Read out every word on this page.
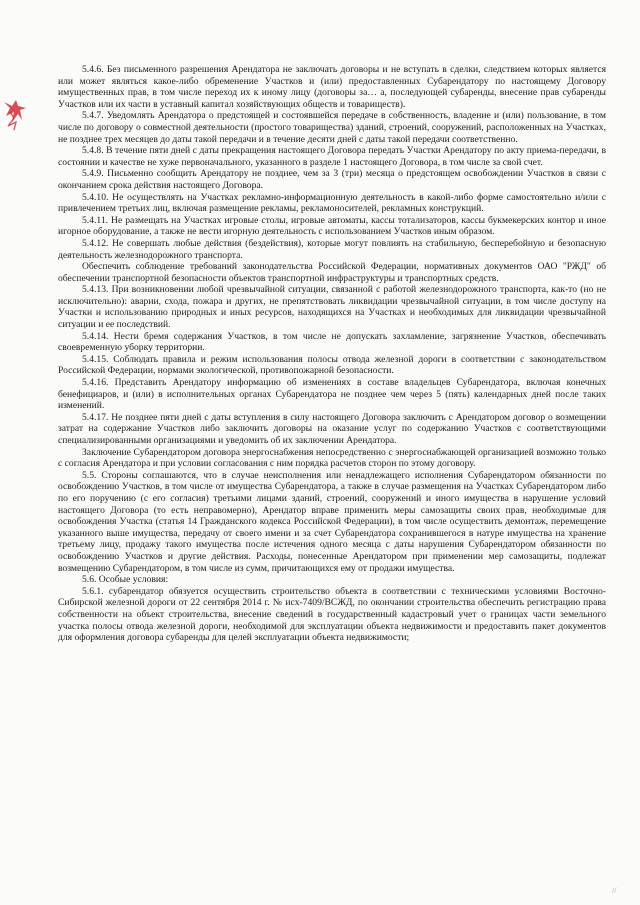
5.4.6. Без письменного разрешения Арендатора не заключать договоры и не вступать в сделки, следствием которых является или может являться какое-либо обременение Участков и (или) предоставленных Субарендатору по настоящему Договору имущественных прав, в том числе переход их к иному лицу (договоры за… а, последующей субаренды, внесение прав субаренды Участков или их части в уставный капитал хозяйствующих обществ и товариществ).

5.4.7. Уведомлять Арендатора о предстоящей и состоявшейся передаче в собственность, владение и (или) пользование, в том числе по договору о совместной деятельности (простого товарищества) зданий, строений, сооружений, расположенных на Участках, не позднее трех месяцев до даты такой передачи и в течение десяти дней с даты такой передачи соответственно.

5.4.8. В течение пяти дней с даты прекращения настоящего Договора передать Участки Арендатору по акту приема-передачи, в состоянии и качестве не хуже первоначального, указанного в разделе 1 настоящего Договора, в том числе за свой счет.

5.4.9. Письменно сообщить Арендатору не позднее, чем за 3 (три) месяца о предстоящем освобождении Участков в связи с окончанием срока действия настоящего Договора.

5.4.10. Не осуществлять на Участках рекламно-информационную деятельность в какой-либо форме самостоятельно и/или с привлечением третьих лиц, включая размещение рекламы, рекламоносителей, рекламных конструкций.

5.4.11. Не размещать на Участках игровые столы, игровые автоматы, кассы тотализаторов, кассы букмекерских контор и иное игорное оборудование, а также не вести игорную деятельность с использованием Участков иным образом.

5.4.12. Не совершать любые действия (бездействия), которые могут повлиять на стабильную, бесперебойную и безопасную деятельность железнодорожного транспорта.

Обеспечить соблюдение требований законодательства Российской Федерации, нормативных документов ОАО "РЖД" об обеспечении транспортной безопасности объектов транспортной инфраструктуры и транспортных средств.

5.4.13. При возникновении любой чрезвычайной ситуации, связанной с работой железнодорожного транспорта, как-то (но не исключительно): аварии, схода, пожара и других, не препятствовать ликвидации чрезвычайной ситуации, в том числе доступу на Участки и использованию природных и иных ресурсов, находящихся на Участках и необходимых для ликвидации чрезвычайной ситуации и ее последствий.

5.4.14. Нести бремя содержания Участков, в том числе не допускать захламление, загрязнение Участков, обеспечивать своевременную уборку территории.

5.4.15. Соблюдать правила и режим использования полосы отвода железной дороги в соответствии с законодательством Российской Федерации, нормами экологической, противопожарной безопасности.

5.4.16. Представить Арендатору информацию об изменениях в составе владельцев Субарендатора, включая конечных бенефициаров, и (или) в исполнительных органах Субарендатора не позднее чем через 5 (пять) календарных дней после таких изменений.

5.4.17. Не позднее пяти дней с даты вступления в силу настоящего Договора заключить с Арендатором договор о возмещении затрат на содержание Участков либо заключить договоры на оказание услуг по содержанию Участков с соответствующими специализированными организациями и уведомить об их заключении Арендатора.

Заключение Субарендатором договора энергоснабжения непосредственно с энергоснабжающей организацией возможно только с согласия Арендатора и при условии согласования с ним порядка расчетов сторон по этому договору.

5.5. Стороны соглашаются, что в случае неисполнения или ненадлежащего исполнения Субарендатором обязанности по освобождению Участков, в том числе от имущества Субарендатора, а также в случае размещения на Участках Субарендатором либо по его поручению (с его согласия) третьими лицами зданий, строений, сооружений и иного имущества в нарушение условий настоящего Договора (то есть неправомерно), Арендатор вправе применить меры самозащиты своих прав, необходимые для освобождения Участка (статья 14 Гражданского кодекса Российской Федерации), в том числе осуществить демонтаж, перемещение указанного выше имущества, передачу от своего имени и за счет Субарендатора сохранившегося в натуре имущества на хранение третьему лицу, продажу такого имущества после истечения одного месяца с даты нарушения Субарендатором обязанности по освобождению Участков и другие действия. Расходы, понесенные Арендатором при применении мер самозащиты, подлежат возмещению Субарендатором, в том числе из сумм, причитающихся ему от продажи имущества.

5.6. Особые условия:

5.6.1. субарендатор обязуется осуществить строительство объекта в соответствии с техническими условиями Восточно-Сибирской железной дороги от 22 сентября 2014 г. № исх-7409/ВСЖД, по окончании строительства обеспечить регистрацию права собственности на объект строительства, внесение сведений в государственный кадастровый учет о границах части земельного участка полосы отвода железной дороги, необходимой для эксплуатации объекта недвижимости и предоставить пакет документов для оформления договора субаренды для целей эксплуатации объекта недвижимости;

//
